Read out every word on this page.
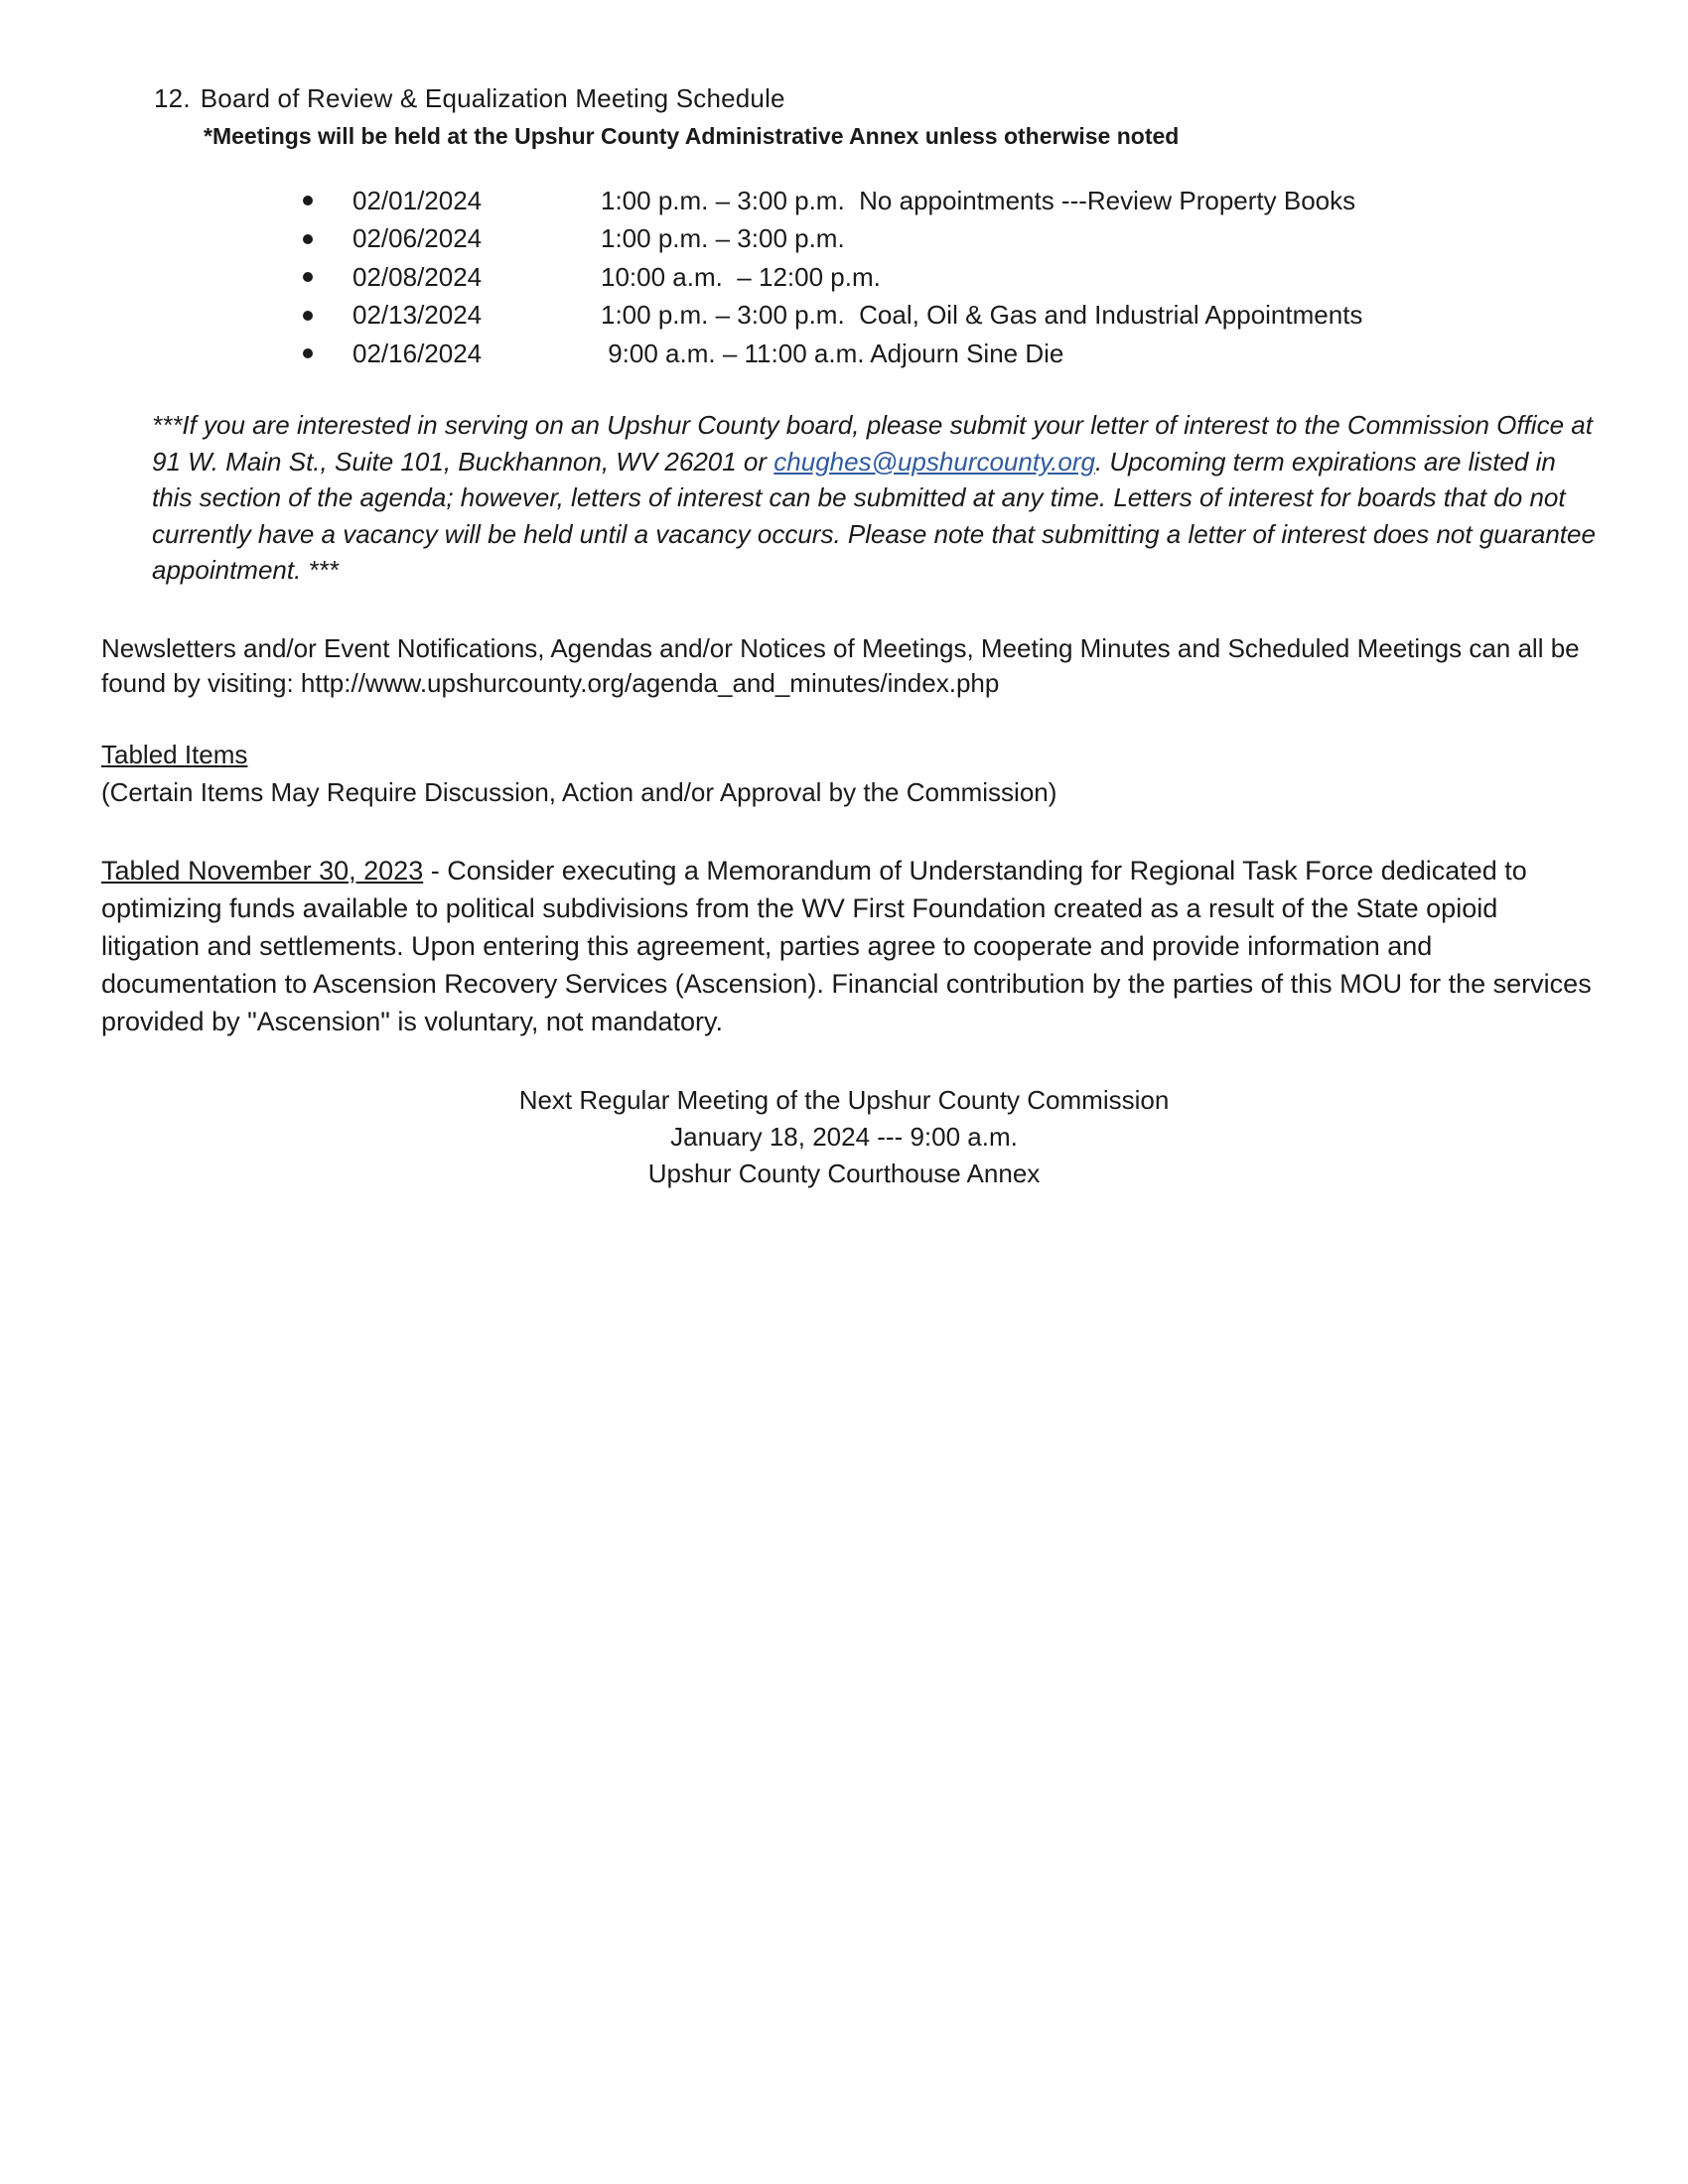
12. Board of Review & Equalization Meeting Schedule
*Meetings will be held at the Upshur County Administrative Annex unless otherwise noted
02/01/2024	1:00 p.m. – 3:00 p.m. No appointments ---Review Property Books
02/06/2024	1:00 p.m. – 3:00 p.m.
02/08/2024	10:00 a.m.  – 12:00 p.m.
02/13/2024	1:00 p.m. – 3:00 p.m. Coal, Oil & Gas and Industrial Appointments
02/16/2024	9:00 a.m. – 11:00 a.m. Adjourn Sine Die
***If you are interested in serving on an Upshur County board, please submit your letter of interest to the Commission Office at 91 W. Main St., Suite 101, Buckhannon, WV 26201 or chughes@upshurcounty.org. Upcoming term expirations are listed in this section of the agenda; however, letters of interest can be submitted at any time. Letters of interest for boards that do not currently have a vacancy will be held until a vacancy occurs. Please note that submitting a letter of interest does not guarantee appointment. ***
Newsletters and/or Event Notifications, Agendas and/or Notices of Meetings, Meeting Minutes and Scheduled Meetings can all be found by visiting: http://www.upshurcounty.org/agenda_and_minutes/index.php
Tabled Items
(Certain Items May Require Discussion, Action and/or Approval by the Commission)
Tabled November 30, 2023 - Consider executing a Memorandum of Understanding for Regional Task Force dedicated to optimizing funds available to political subdivisions from the WV First Foundation created as a result of the State opioid litigation and settlements. Upon entering this agreement, parties agree to cooperate and provide information and documentation to Ascension Recovery Services (Ascension). Financial contribution by the parties of this MOU for the services provided by "Ascension" is voluntary, not mandatory.
Next Regular Meeting of the Upshur County Commission
January 18, 2024 --- 9:00 a.m.
Upshur County Courthouse Annex
